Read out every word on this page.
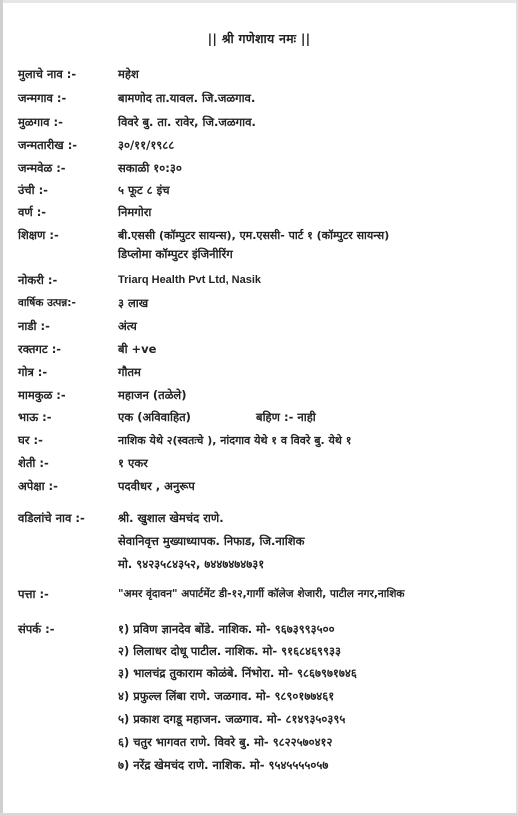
|| श्री गणेशाय नमः ||
मुलाचे नाव :-	महेश
जन्मगाव :-	बामणोद ता.यावल. जि.जळगाव.
मुळगाव :-	विवरे बु. ता. रावेर, जि.जळगाव.
जन्मतारीख :-	३०/११/१९८८
जन्मवेळ :-	सकाळी १०:३०
उंची :-	५ फूट ८ इंच
वर्ण :-	निमगोरा
शिक्षण :-	बी.एससी (कॉम्पुटर सायन्स), एम.एससी- पार्ट १ (कॉम्पुटर सायन्स)
डिप्लोमा कॉम्पुटर इंजिनीरिंग
नोकरी :-	Triarq Health Pvt Ltd, Nasik
वार्षिक उत्पन्न:-	३ लाख
नाडी :-	अंत्य
रक्तगट :-	बी +ve
गोत्र :-	गौतम
मामकुळ :-	महाजन (तळेले)
भाऊ :-	एक (अविवाहित)	बहिण :- नाही
घर :-	नाशिक येथे २(स्वतःचे ), नांदगाव येथे १ व विवरे बु. येथे १
शेती :-	१ एकर
अपेक्षा :-	पदवीधर , अनुरूप
वडिलांचे नाव :-	श्री. खुशाल खेमचंद राणे.
सेवानिवृत्त मुख्याध्यापक. निफाड, जि.नाशिक
मो. ९४२३५८४३५२, ७४४७४७४७३१
पत्ता :-	"अमर वृंदावन" अपार्टमेंट डी-१२,गार्गी कॉलेज शेजारी, पाटील नगर,नाशिक
संपर्क :-	१) प्रविण ज्ञानदेव बोंडे. नाशिक. मो- ९६७३९९३५००
२) लिलाधर दोधू पाटील. नाशिक. मो- ९१६८४६९९३३
३) भालचंद्र तुकाराम कोळंबे. निंभोरा. मो- ९८६७९७१७४६
४) प्रफुल्ल लिंबा राणे. जळगाव. मो- ९८९०१७७४६१
५) प्रकाश दगडू महाजन. जळगाव. मो- ८१४९३५०३९५
६) चतुर भागवत राणे. विवरे बु. मो- ९८२२५७०४१२
७) नरेंद्र खेमचंद राणे. नाशिक. मो- ९५४५५५५०५७
